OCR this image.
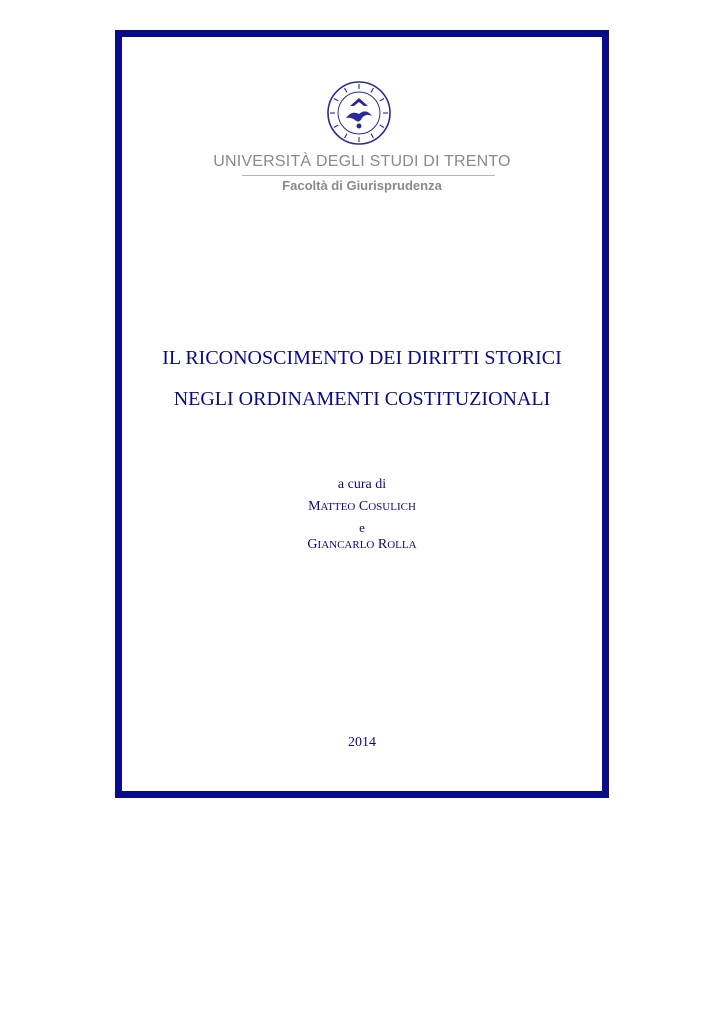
UNIVERSITÀ DEGLI STUDI DI TRENTO
Facoltà di Giurisprudenza
IL RICONOSCIMENTO DEI DIRITTI STORICI
NEGLI ORDINAMENTI COSTITUZIONALI
a cura di
MATTEO COSULICH
e
GIANCARLO ROLLA
2014
